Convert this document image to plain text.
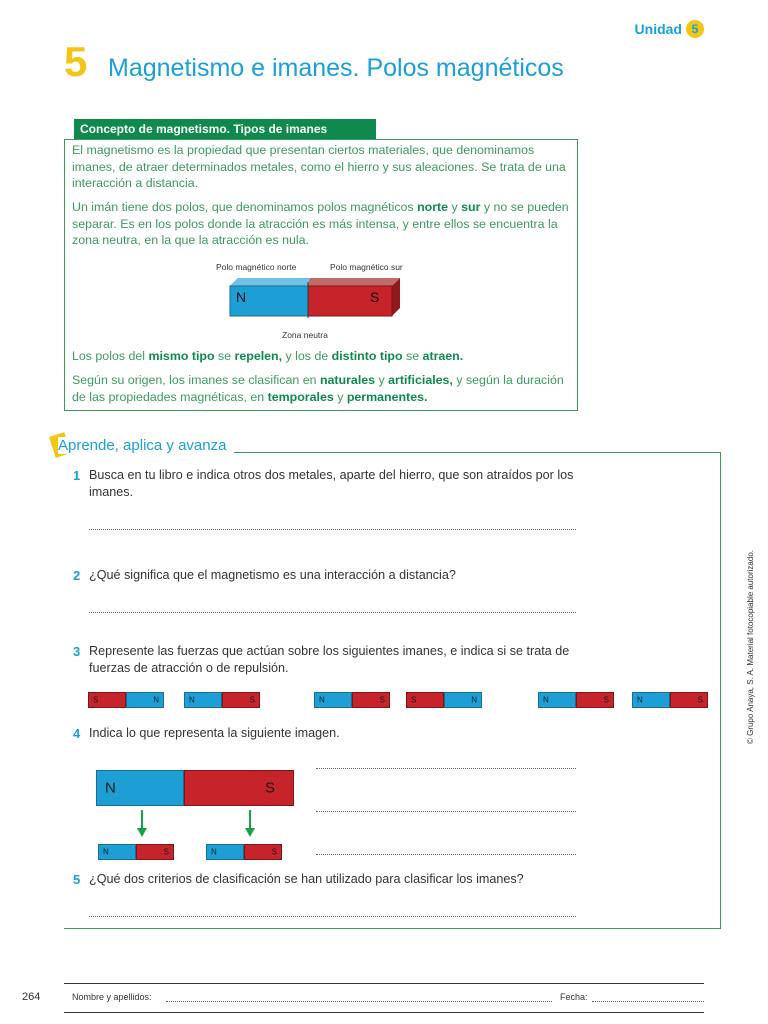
Unidad 5
5 Magnetismo e imanes. Polos magnéticos
Concepto de magnetismo. Tipos de imanes
El magnetismo es la propiedad que presentan ciertos materiales, que denominamos imanes, de atraer determinados metales, como el hierro y sus aleaciones. Se trata de una interacción a distancia.
Un imán tiene dos polos, que denominamos polos magnéticos norte y sur y no se pueden separar. Es en los polos donde la atracción es más intensa, y entre ellos se encuentra la zona neutra, en la que la atracción es nula.
Polo magnético norte	Polo magnético sur
N	S
Zona neutra
Los polos del mismo tipo se repelen, y los de distinto tipo se atraen.
Según su origen, los imanes se clasifican en naturales y artificiales, y según la duración de las propiedades magnéticas, en temporales y permanentes.
Aprende, aplica y avanza
1 Busca en tu libro e indica otros dos metales, aparte del hierro, que son atraídos por los imanes.
2 ¿Qué significa que el magnetismo es una interacción a distancia?
3 Represente las fuerzas que actúan sobre los siguientes imanes, e indica si se trata de fuerzas de atracción o de repulsión.
S	N	N	S	N	S	S	N	N	S	N	S
4 Indica lo que representa la siguiente imagen.
N	S
N	S	N	S
5 ¿Qué dos criterios de clasificación se han utilizado para clasificar los imanes?
© Grupo Anaya, S. A. Material fotocopiable autorizado.
264	Nombre y apellidos:	Fecha:
